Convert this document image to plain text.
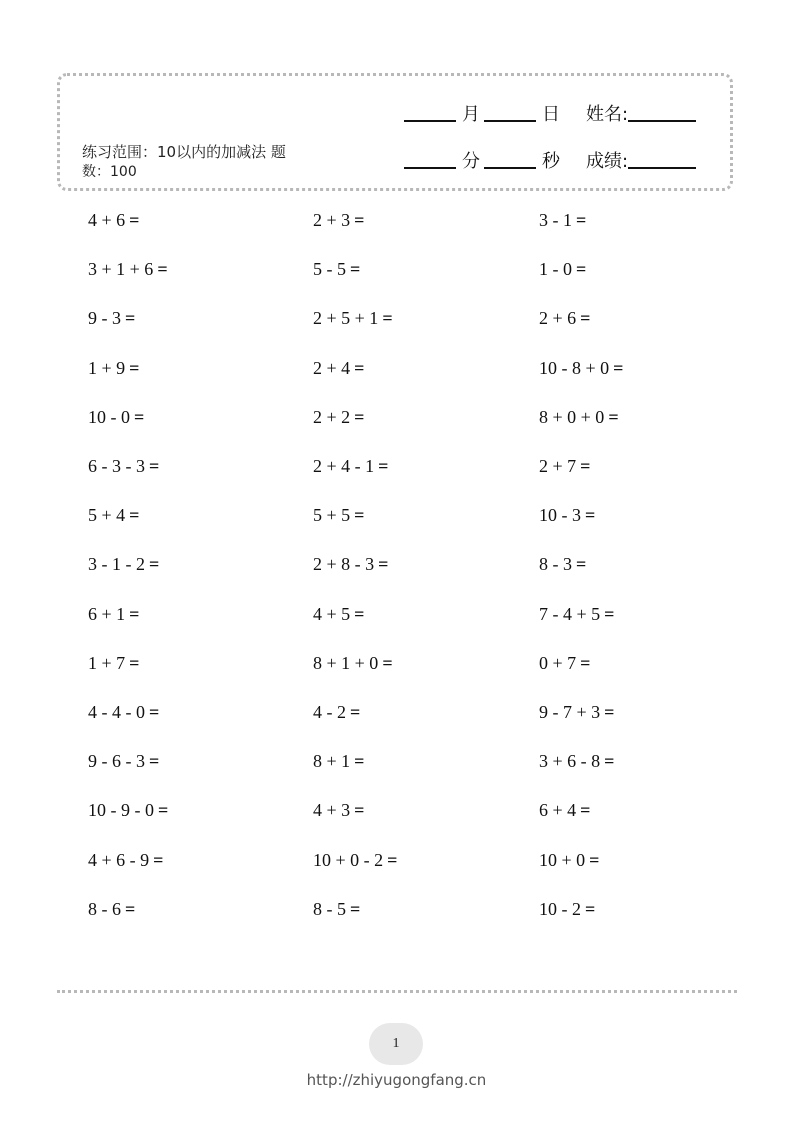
练习范围：10以内的加减法 题
数：100
月	日 姓名:
分	秒 成绩:
4 + 6 =	2 + 3 =	3 - 1 =
3 + 1 + 6 =	5 - 5 =	1 - 0 =
9 - 3 =	2 + 5 + 1 =	2 + 6 =
1 + 9 =	2 + 4 =	10 - 8 + 0 =
10 - 0 =	2 + 2 =	8 + 0 + 0 =
6 - 3 - 3 =	2 + 4 - 1 =	2 + 7 =
5 + 4 =	5 + 5 =	10 - 3 =
3 - 1 - 2 =	2 + 8 - 3 =	8 - 3 =
6 + 1 =	4 + 5 =	7 - 4 + 5 =
1 + 7 =	8 + 1 + 0 =	0 + 7 =
4 - 4 - 0 =	4 - 2 =	9 - 7 + 3 =
9 - 6 - 3 =	8 + 1 =	3 + 6 - 8 =
10 - 9 - 0 =	4 + 3 =	6 + 4 =
4 + 6 - 9 =	10 + 0 - 2 =	10 + 0 =
8 - 6 =	8 - 5 =	10 - 2 =
1
http://zhiyugongfang.cn
